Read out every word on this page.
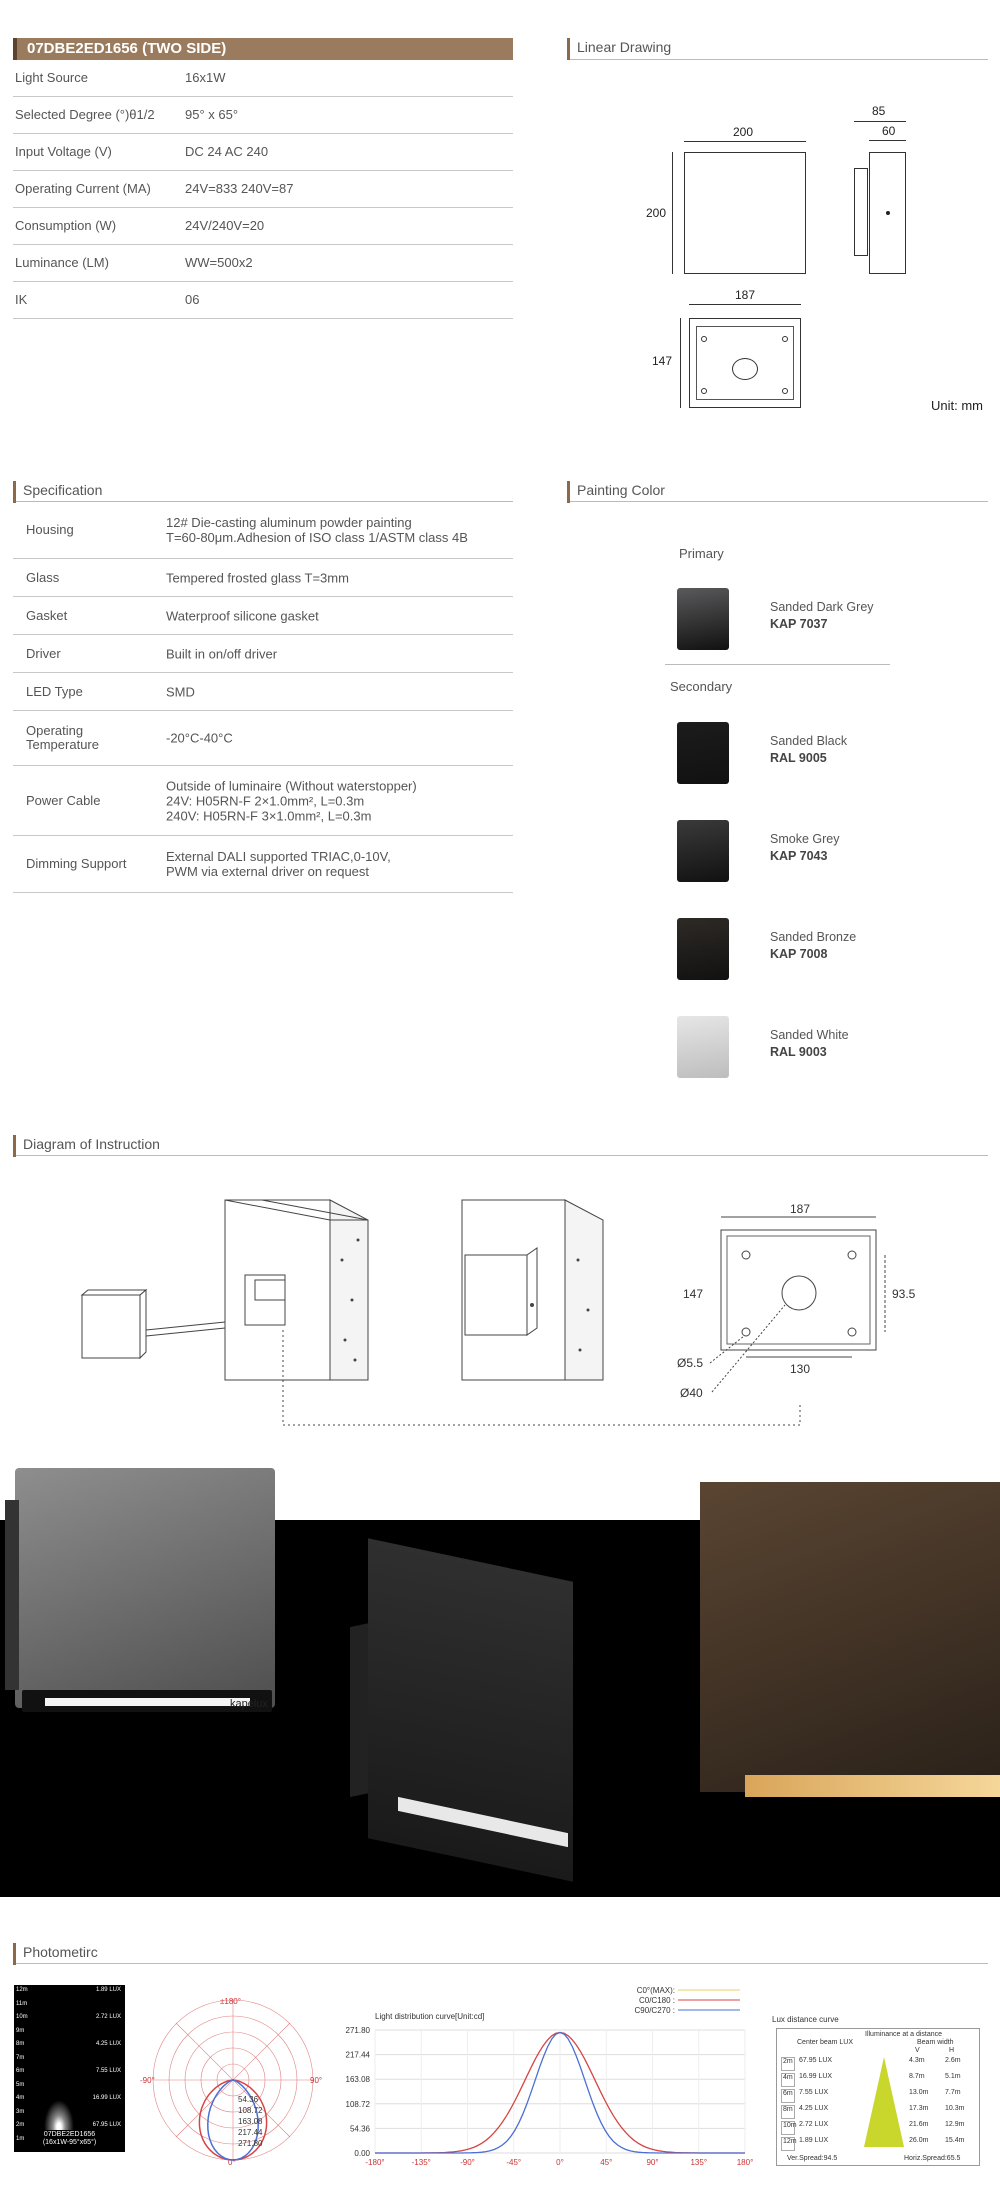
07DBE2ED1656 (TWO SIDE)
Light Source	16x1W
Selected Degree (°)θ1/2 95° x 65°
Input Voltage (V)	DC 24 AC 240
Operating Current (MA)	24V=833 240V=87
Consumption (W)	24V/240V=20
Luminance (LM)	WW=500x2
IK	06
Linear Drawing
200
200
85
60
187
147
Unit: mm
Specification
Housing	12# Die-casting aluminum powder painting
T=60-80μm.Adhesion of ISO class 1/ASTM class 4B
Glass	Tempered frosted glass T=3mm
Gasket	Waterproof silicone gasket
Driver	Built in on/off driver
LED Type	SMD
Operating Temperature	-20°C-40°C
Power Cable
Outside of luminaire (Without waterstopper)
24V: H05RN-F 2×1.0mm², L=0.3m
240V: H05RN-F 3×1.0mm², L=0.3m
Dimming Support	External DALI supported TRIAC,0-10V,
PWM via external driver on request
Painting Color
Primary
Secondary
Sanded Dark Grey
KAP 7037
Sanded Black
RAL 9005
Smoke Grey
KAP 7043
Sanded Bronze
KAP 7008
Sanded White
RAL 9003
Diagram of Instruction
187
147	93.5
130
Ø5.5
Ø40
kapelux
Photometirc
12m
11m
10m
9m
8m
7m
6m
5m
4m
3m
2m
1m
1.89 LUX
2.72 LUX
4.25 LUX
7.55 LUX
16.99 LUX
67.95 LUX
07DBE2ED1656
(16x1W-95°x65°)
±180°
-90°	90°
0°
54.36
108.72
163.08
217.44
271.80
Light distribution curve[Unit:cd]
C0°(MAX):
C0/C180 :
C90/C270 :
271.80
217.44
163.08
108.72
54.36
0.00
-180°	-135°	-90°	-45°	0°	45°	90°	135°	180°
Lux distance curve
Illuminance at a distance
Center beam LUX	Beam width
V	H
2m 67.95 LUX	4.3m	2.6m
4m 16.99 LUX	8.7m	5.1m
6m 7.55 LUX	13.0m 7.7m
8m 4.25 LUX	17.3m 10.3m
10m 2.72 LUX	21.6m 12.9m
12m 1.89 LUX	26.0m 15.4m
Ver.Spread:94.5	Horiz.Spread:65.5
